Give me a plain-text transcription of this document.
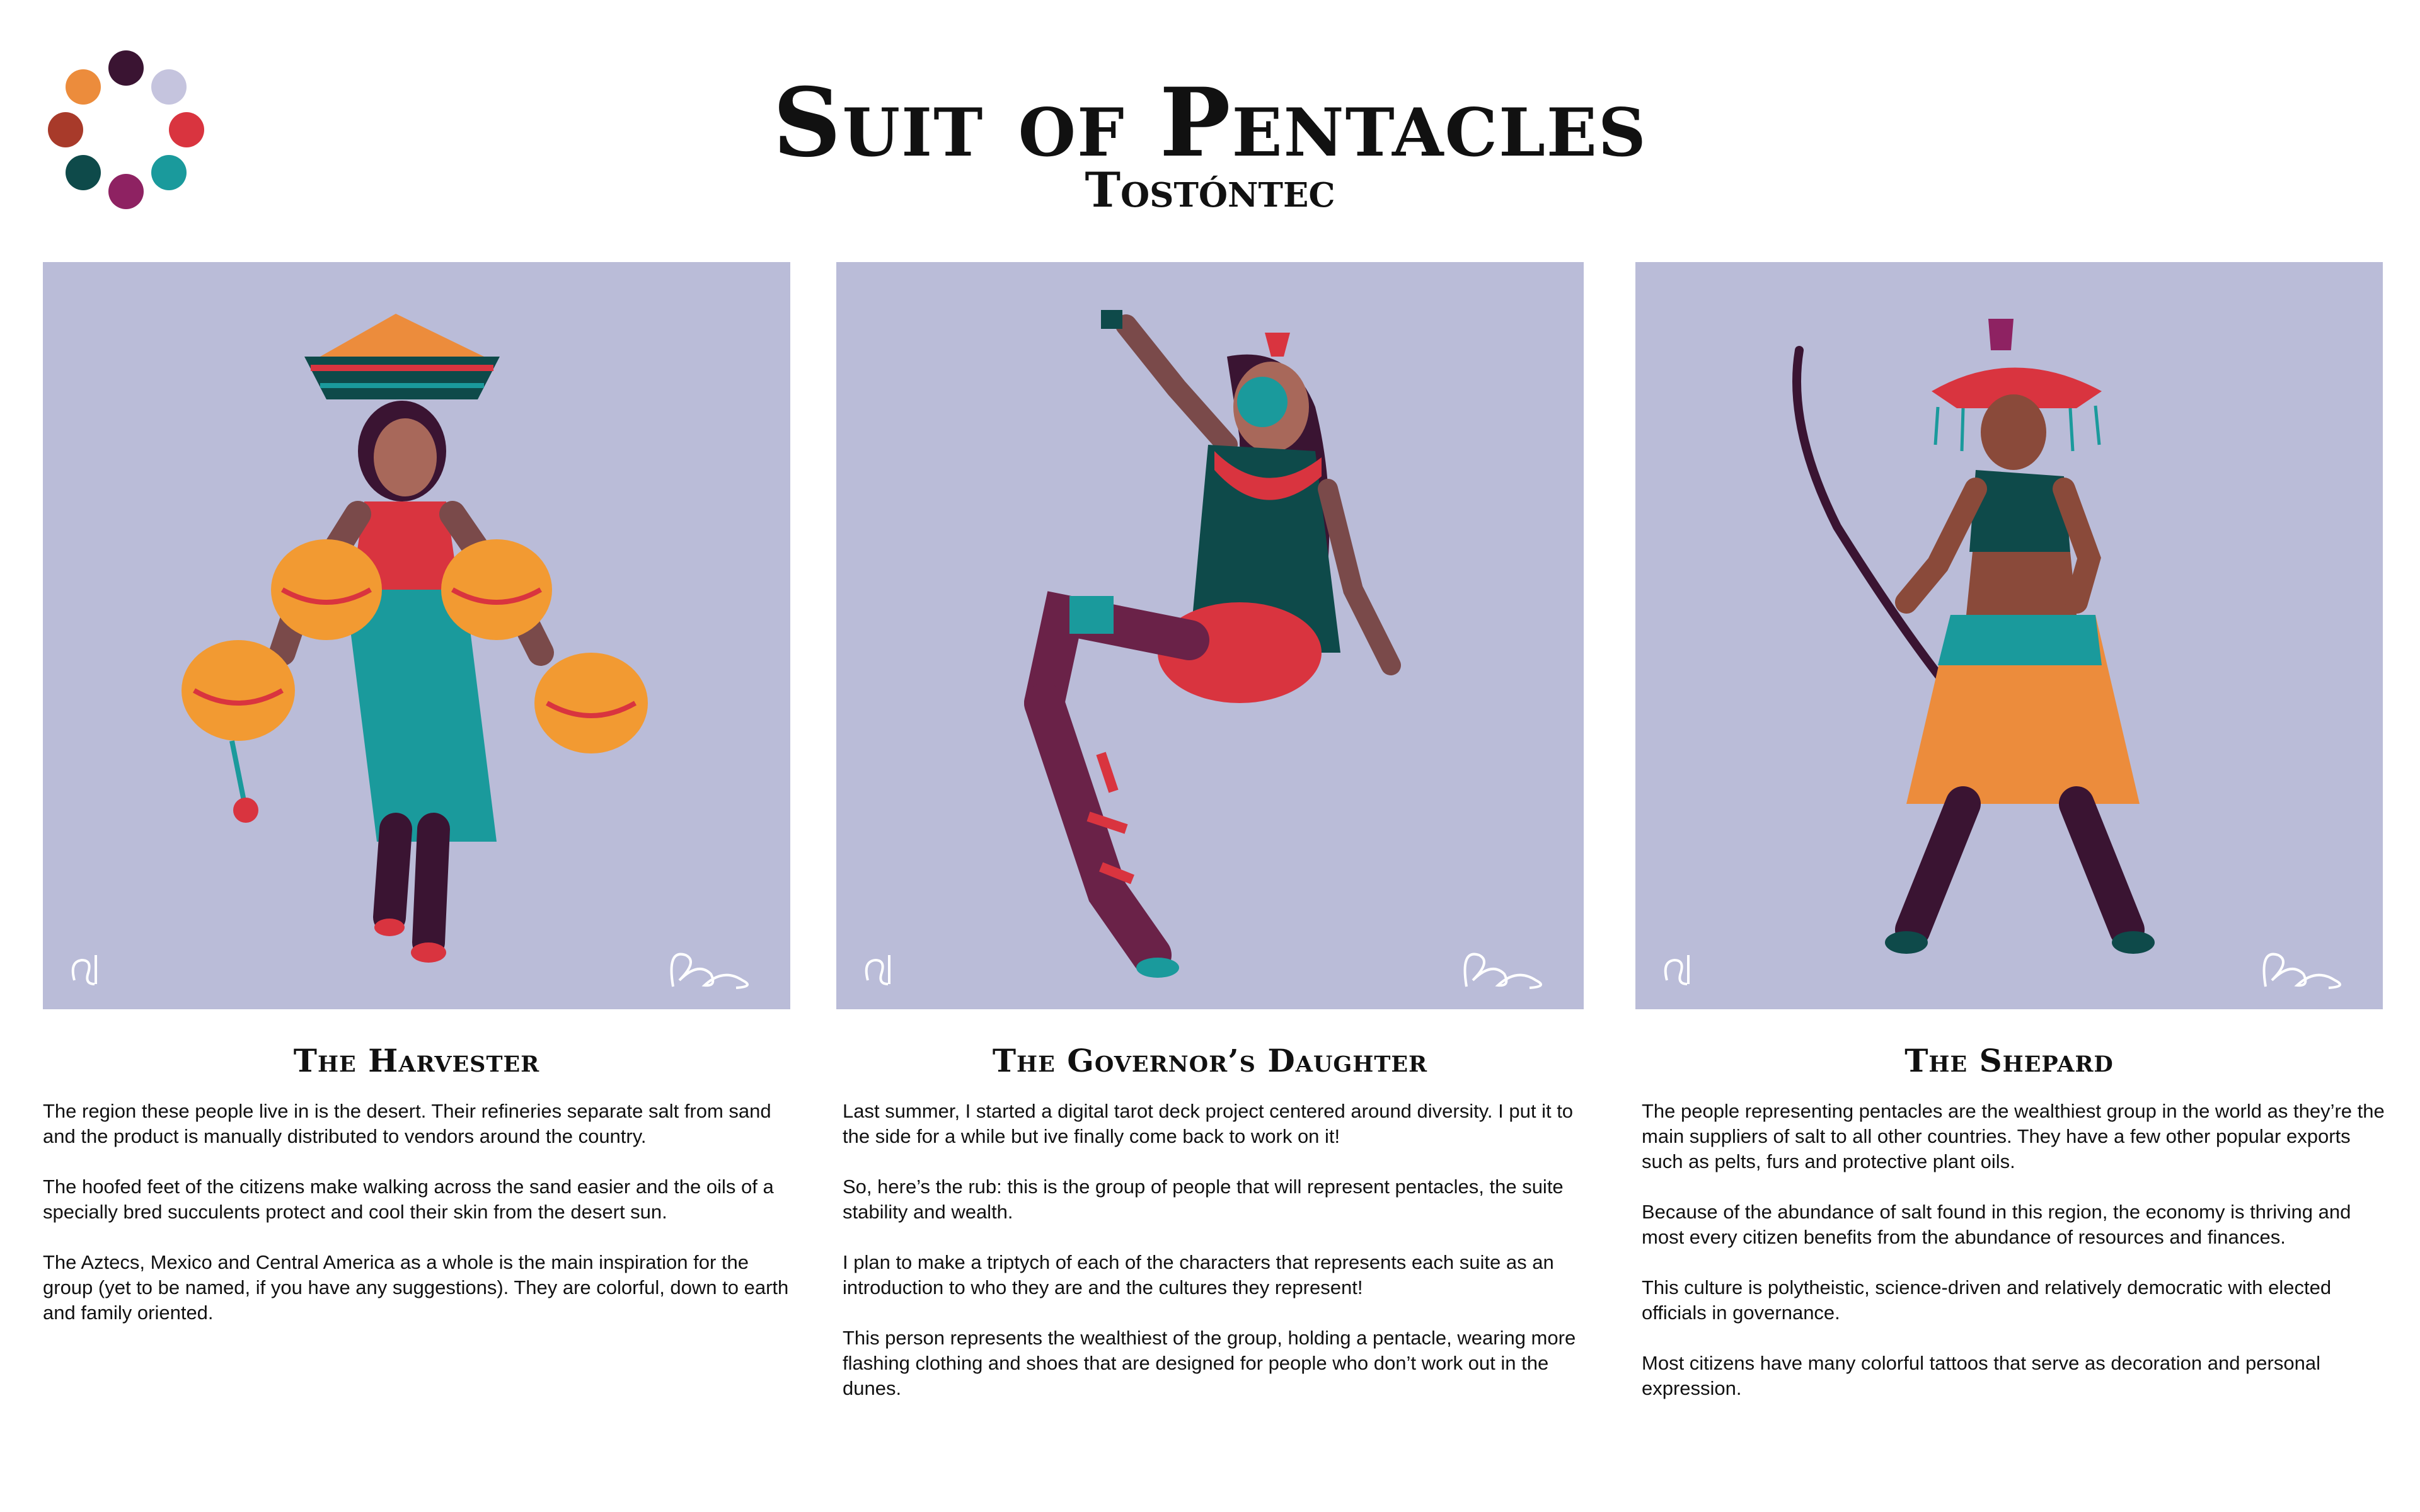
Suit of Pentacles
Tostóntec
The Harvester	The Governor’s Daughter	The Shepard

The region these people live in is the desert. Their refineries separate salt from sand and the product is manually distributed to vendors around the country.

The hoofed feet of the citizens make walking across the sand easier and the oils of a specially bred succulents protect and cool their skin from the desert sun.

The Aztecs, Mexico and Central America as a whole is the main inspiration for the group (yet to be named, if you have any suggestions). They are colorful, down to earth and family oriented.

Last summer, I started a digital tarot deck project centered around diversity. I put it to the side for a while but ive finally come back to work on it!

So, here’s the rub: this is the group of people that will represent pentacles, the suite stability and wealth.

I plan to make a triptych of each of the characters that represents each suite as an introduction to who they are and the cultures they represent!

This person represents the wealthiest of the group, holding a pentacle, wearing more flashing clothing and shoes that are designed for people who don’t work out in the dunes.

The people representing pentacles are the wealthiest group in the world as they’re the main suppliers of salt to all other countries. They have a few other popular exports such as pelts, furs and protective plant oils.

Because of the abundance of salt found in this region, the economy is thriving and most every citizen benefits from the abundance of resources and finances.

This culture is polytheistic, science-driven and relatively democratic with elected officials in governance.

Most citizens have many colorful tattoos that serve as decoration and personal expression.
